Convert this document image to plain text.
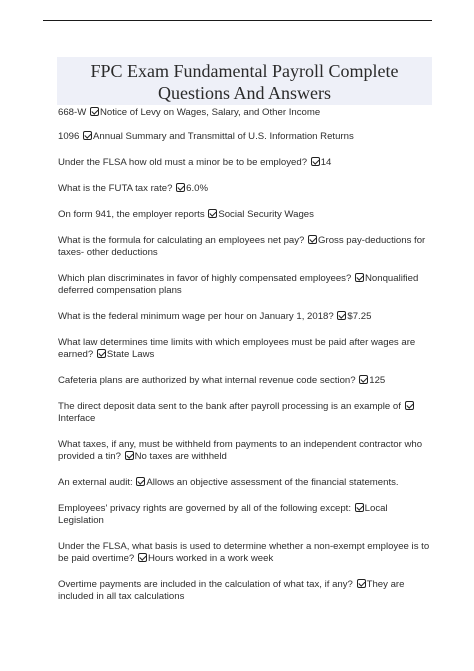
FPC Exam Fundamental Payroll Complete
Questions And Answers
668-W Notice of Levy on Wages, Salary, and Other Income
1096 Annual Summary and Transmittal of U.S. Information Returns
Under the FLSA how old must a minor be to be employed? 14
What is the FUTA tax rate? 6.0%
On form 941, the employer reports Social Security Wages
What is the formula for calculating an employees net pay? Gross pay-deductions for taxes- other deductions
Which plan discriminates in favor of highly compensated employees? Nonqualified deferred compensation plans
What is the federal minimum wage per hour on January 1, 2018? $7.25
What law determines time limits with which employees must be paid after wages are earned? State Laws
Cafeteria plans are authorized by what internal revenue code section? 125
The direct deposit data sent to the bank after payroll processing is an example of Interface
What taxes, if any, must be withheld from payments to an independent contractor who provided a tin? No taxes are withheld
An external audit: Allows an objective assessment of the financial statements.
Employees' privacy rights are governed by all of the following except: Local Legislation
Under the FLSA, what basis is used to determine whether a non-exempt employee is to be paid overtime? Hours worked in a work week
Overtime payments are included in the calculation of what tax, if any? They are included in all tax calculations
